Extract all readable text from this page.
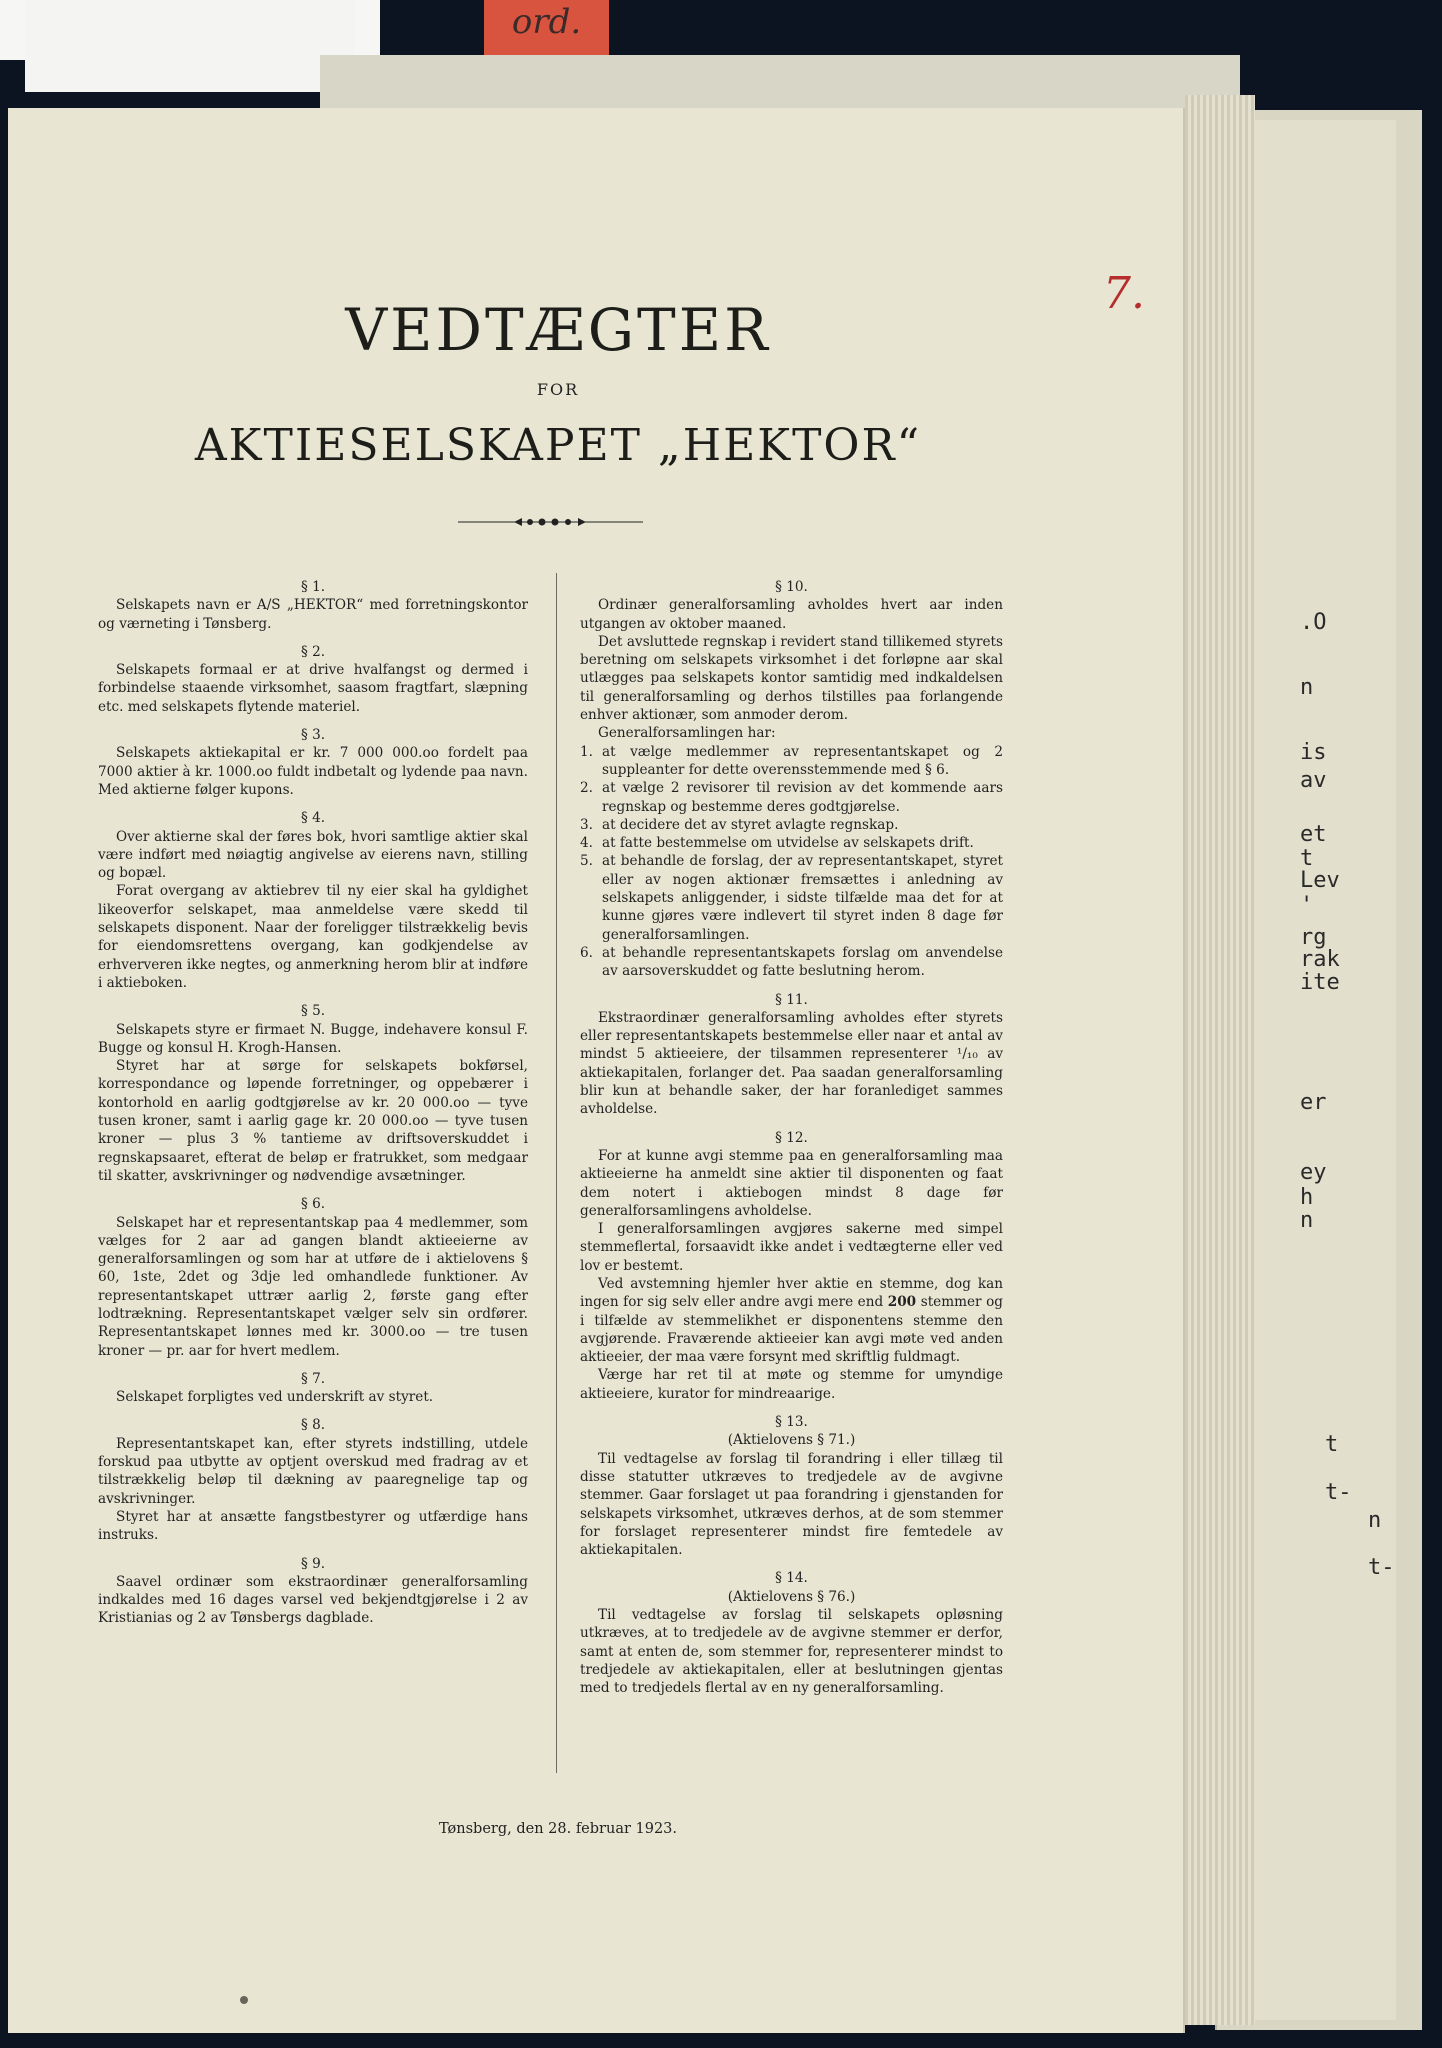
ord.
.O
n
is
av
et
t
Lev
'
rg
rak
ite
er
ey
h
n
t
t-
n
t-
7.
VEDTÆGTER
FOR
AKTIESELSKAPET „HEKTOR“

§ 1.

Selskapets navn er A/S „HEKTOR“ med forretningskontor og værneting i Tønsberg.

§ 2.

Selskapets formaal er at drive hvalfangst og dermed i forbindelse staaende virksomhet, saasom fragtfart, slæpning etc. med selskapets flytende materiel.

§ 3.

Selskapets aktiekapital er kr. 7 000 000.oo fordelt paa 7000 aktier à kr. 1000.oo fuldt indbetalt og lydende paa navn. Med aktierne følger kupons.

§ 4.

Over aktierne skal der føres bok, hvori samtlige aktier skal være indført med nøiagtig angivelse av eierens navn, stilling og bopæl.

Forat overgang av aktiebrev til ny eier skal ha gyldighet likeoverfor selskapet, maa anmeldelse være skedd til selskapets disponent. Naar der foreligger tilstrækkelig bevis for eiendomsrettens overgang, kan godkjendelse av erhververen ikke negtes, og anmerkning herom blir at indføre i aktieboken.

§ 5.

Selskapets styre er firmaet N. Bugge, indehavere konsul F. Bugge og konsul H. Krogh-Hansen.

Styret har at sørge for selskapets bokførsel, korrespondance og løpende forretninger, og oppebærer i kontorhold en aarlig godtgjørelse av kr. 20 000.oo — tyve tusen kroner, samt i aarlig gage kr. 20 000.oo — tyve tusen kroner — plus 3 % tantieme av driftsoverskuddet i regnskapsaaret, efterat de beløp er fratrukket, som medgaar til skatter, avskrivninger og nødvendige avsætninger.

§ 6.

Selskapet har et representantskap paa 4 medlemmer, som vælges for 2 aar ad gangen blandt aktieeierne av generalforsamlingen og som har at utføre de i aktielovens § 60, 1ste, 2det og 3dje led omhandlede funktioner. Av representantskapet uttrær aarlig 2, første gang efter lodtrækning. Representantskapet vælger selv sin ordfører. Representantskapet lønnes med kr. 3000.oo — tre tusen kroner — pr. aar for hvert medlem.

§ 7.

Selskapet forpligtes ved underskrift av styret.

§ 8.

Representantskapet kan, efter styrets indstilling, utdele forskud paa utbytte av optjent overskud med fradrag av et tilstrækkelig beløp til dækning av paaregnelige tap og avskrivninger.

Styret har at ansætte fangstbestyrer og utfærdige hans instruks.

§ 9.

Saavel ordinær som ekstraordinær generalforsamling indkaldes med 16 dages varsel ved bekjendtgjørelse i 2 av Kristianias og 2 av Tønsbergs dagblade.

§ 10.

Ordinær generalforsamling avholdes hvert aar inden utgangen av oktober maaned.

Det avsluttede regnskap i revidert stand tillikemed styrets beretning om selskapets virksomhet i det forløpne aar skal utlægges paa selskapets kontor samtidig med indkaldelsen til generalforsamling og derhos tilstilles paa forlangende enhver aktionær, som anmoder derom.

Generalforsamlingen har:

1. at vælge medlemmer av representantskapet og 2 suppleanter for dette overensstemmende med § 6.

2. at vælge 2 revisorer til revision av det kommende aars regnskap og bestemme deres godtgjørelse.

3. at decidere det av styret avlagte regnskap.

4. at fatte bestemmelse om utvidelse av selskapets drift.

5. at behandle de forslag, der av representantskapet, styret eller av nogen aktionær fremsættes i anledning av selskapets anliggender, i sidste tilfælde maa det for at kunne gjøres være indlevert til styret inden 8 dage før generalforsamlingen.

6. at behandle representantskapets forslag om anvendelse av aarsoverskuddet og fatte beslutning herom.

§ 11.

Ekstraordinær generalforsamling avholdes efter styrets eller representantskapets bestemmelse eller naar et antal av mindst 5 aktieeiere, der tilsammen representerer ¹/₁₀ av aktiekapitalen, forlanger det. Paa saadan generalforsamling blir kun at behandle saker, der har foranlediget sammes avholdelse.

§ 12.

For at kunne avgi stemme paa en generalforsamling maa aktieeierne ha anmeldt sine aktier til disponenten og faat dem notert i aktiebogen mindst 8 dage før generalforsamlingens avholdelse.

I generalforsamlingen avgjøres sakerne med simpel stemmeflertal, forsaavidt ikke andet i vedtægterne eller ved lov er bestemt.

Ved avstemning hjemler hver aktie en stemme, dog kan ingen for sig selv eller andre avgi mere end 200 stemmer og i tilfælde av stemmelikhet er disponentens stemme den avgjørende. Fraværende aktieeier kan avgi møte ved anden aktieeier, der maa være forsynt med skriftlig fuldmagt.

Værge har ret til at møte og stemme for umyndige aktieeiere, kurator for mindreaarige.

§ 13.

(Aktielovens § 71.)

Til vedtagelse av forslag til forandring i eller tillæg til disse statutter utkræves to tredjedele av de avgivne stemmer. Gaar forslaget ut paa forandring i gjenstanden for selskapets virksomhet, utkræves derhos, at de som stemmer for forslaget representerer mindst fire femtedele av aktiekapitalen.

§ 14.

(Aktielovens § 76.)

Til vedtagelse av forslag til selskapets opløsning utkræves, at to tredjedele av de avgivne stemmer er derfor, samt at enten de, som stemmer for, representerer mindst to tredjedele av aktiekapitalen, eller at beslutningen gjentas med to tredjedels flertal av en ny generalforsamling.

Tønsberg, den 28. februar 1923.
